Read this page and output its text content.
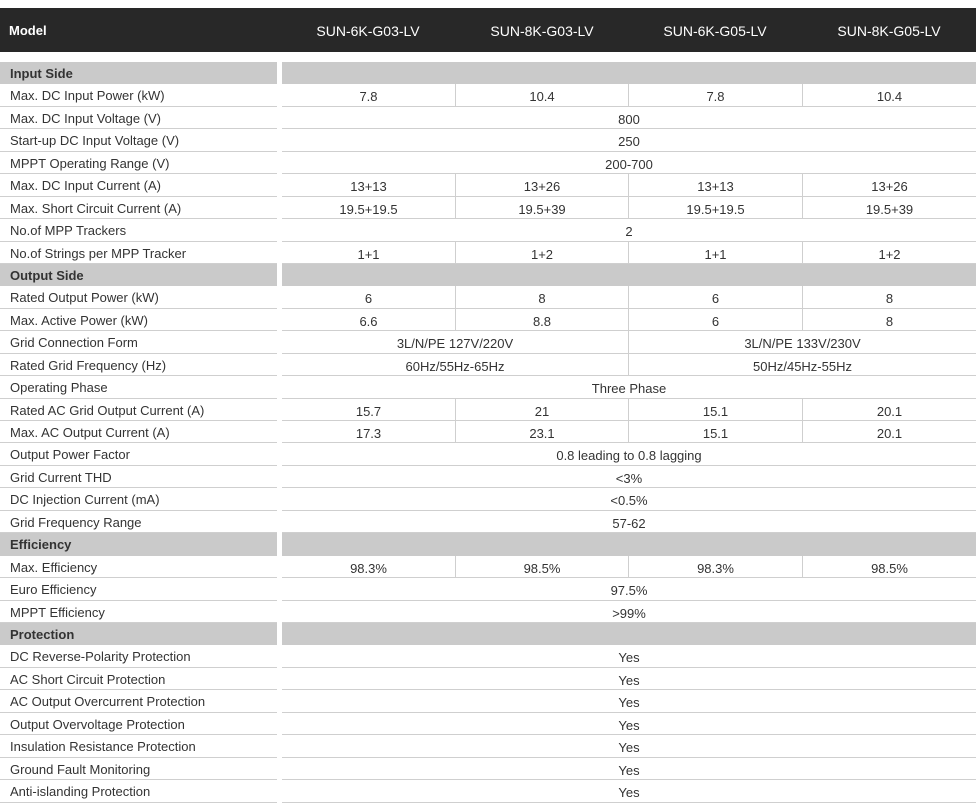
Model	SUN-6K-G03-LV	SUN-8K-G03-LV	SUN-6K-G05-LV	SUN-8K-G05-LV
Input Side
Max. DC Input Power (kW)	7.8	10.4	7.8	10.4
Max. DC Input Voltage (V)	800
Start-up DC Input Voltage (V)	250
MPPT Operating Range (V)	200-700
Max. DC Input Current (A)	13+13	13+26	13+13	13+26
Max. Short Circuit Current (A)	19.5+19.5	19.5+39	19.5+19.5	19.5+39
No.of MPP Trackers	2
No.of Strings per MPP Tracker	1+1	1+2	1+1	1+2
Output Side
Rated Output Power (kW)	6	8	6	8
Max. Active Power (kW)	6.6	8.8	6	8
Grid Connection Form	3L/N/PE 127V/220V	3L/N/PE 133V/230V
Rated Grid Frequency (Hz)	60Hz/55Hz-65Hz	50Hz/45Hz-55Hz
Operating Phase	Three Phase
Rated AC Grid Output Current (A)	15.7	21	15.1	20.1
Max. AC Output Current (A)	17.3	23.1	15.1	20.1
Output Power Factor	0.8 leading to 0.8 lagging
Grid Current THD	<3%
DC Injection Current (mA)	<0.5%
Grid Frequency Range	57-62
Efficiency
Max. Efficiency	98.3%	98.5%	98.3%	98.5%
Euro Efficiency	97.5%
MPPT Efficiency	>99%
Protection
DC Reverse-Polarity Protection	Yes
AC Short Circuit Protection	Yes
AC Output Overcurrent Protection	Yes
Output Overvoltage Protection	Yes
Insulation Resistance Protection	Yes
Ground Fault Monitoring	Yes
Anti-islanding Protection	Yes
